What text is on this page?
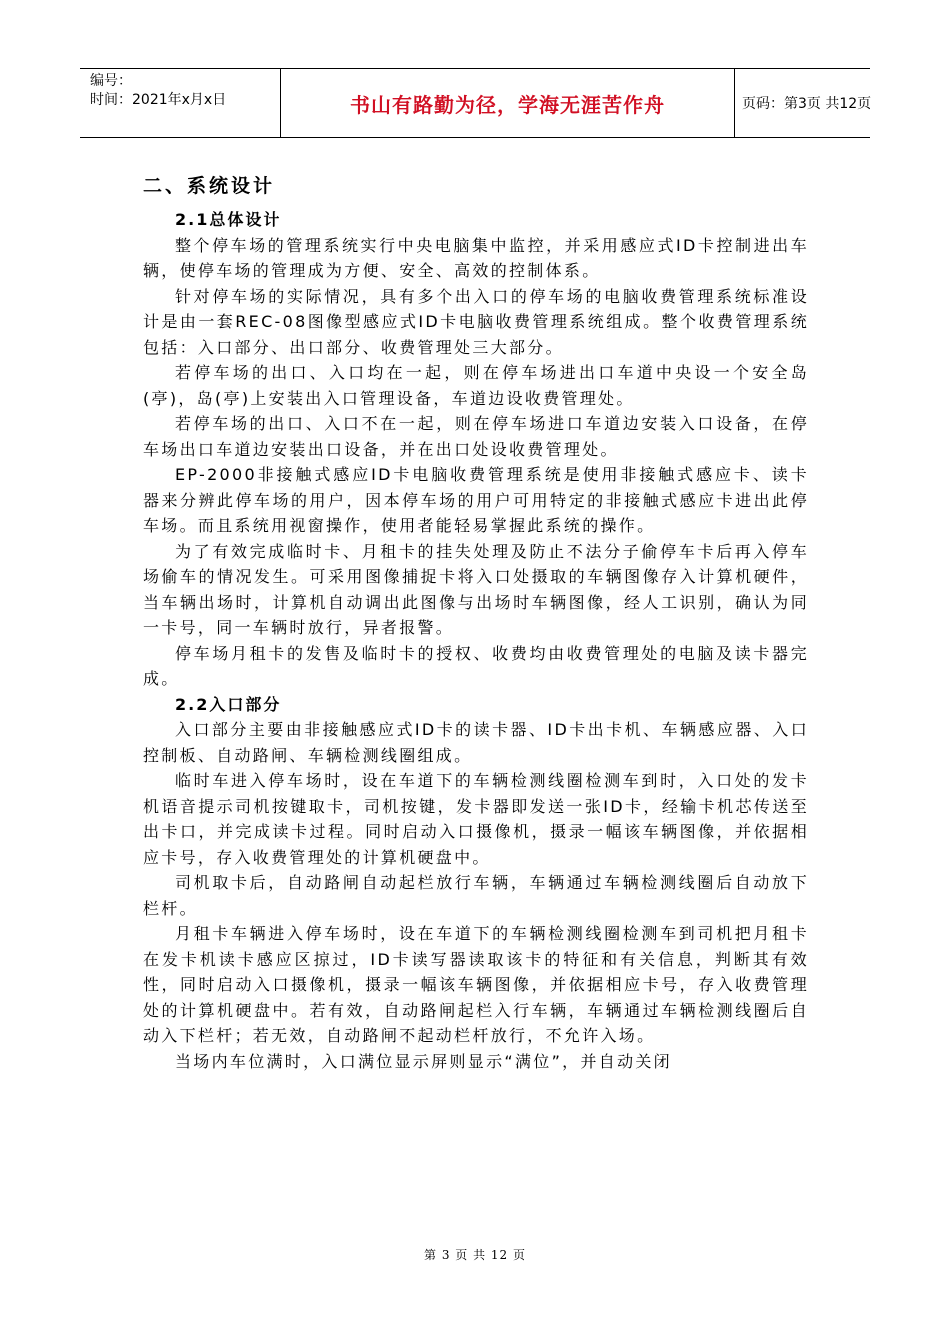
编号：
时间：2021年x月x日	书山有路勤为径，学海无涯苦作舟	页码：第3页 共12页
二、系统设计
2.1总体设计
整个停车场的管理系统实行中央电脑集中监控，并采用感应式ID卡控制进出车辆，使停车场的管理成为方便、安全、高效的控制体系。
针对停车场的实际情况，具有多个出入口的停车场的电脑收费管理系统标准设计是由一套REC-08图像型感应式ID卡电脑收费管理系统组成。整个收费管理系统包括：入口部分、出口部分、收费管理处三大部分。
若停车场的出口、入口均在一起，则在停车场进出口车道中央设一个安全岛(亭)，岛(亭)上安装出入口管理设备，车道边设收费管理处。
若停车场的出口、入口不在一起，则在停车场进口车道边安装入口设备，在停车场出口车道边安装出口设备，并在出口处设收费管理处。
EP-2000非接触式感应ID卡电脑收费管理系统是使用非接触式感应卡、读卡器来分辨此停车场的用户，因本停车场的用户可用特定的非接触式感应卡进出此停车场。而且系统用视窗操作，使用者能轻易掌握此系统的操作。
为了有效完成临时卡、月租卡的挂失处理及防止不法分子偷停车卡后再入停车场偷车的情况发生。可采用图像捕捉卡将入口处摄取的车辆图像存入计算机硬件，当车辆出场时，计算机自动调出此图像与出场时车辆图像，经人工识别，确认为同一卡号，同一车辆时放行，异者报警。
停车场月租卡的发售及临时卡的授权、收费均由收费管理处的电脑及读卡器完成。
2.2入口部分
入口部分主要由非接触感应式ID卡的读卡器、ID卡出卡机、车辆感应器、入口控制板、自动路闸、车辆检测线圈组成。
临时车进入停车场时，设在车道下的车辆检测线圈检测车到时，入口处的发卡机语音提示司机按键取卡，司机按键，发卡器即发送一张ID卡，经输卡机芯传送至出卡口，并完成读卡过程。同时启动入口摄像机，摄录一幅该车辆图像，并依据相应卡号，存入收费管理处的计算机硬盘中。
司机取卡后，自动路闸自动起栏放行车辆，车辆通过车辆检测线圈后自动放下栏杆。
月租卡车辆进入停车场时，设在车道下的车辆检测线圈检测车到司机把月租卡在发卡机读卡感应区掠过，ID卡读写器读取该卡的特征和有关信息，判断其有效性，同时启动入口摄像机，摄录一幅该车辆图像，并依据相应卡号，存入收费管理处的计算机硬盘中。若有效，自动路闸起栏入行车辆，车辆通过车辆检测线圈后自动入下栏杆；若无效，自动路闸不起动栏杆放行，不允许入场。
当场内车位满时，入口满位显示屏则显示“满位”，并自动关闭
第 3 页 共 12 页
